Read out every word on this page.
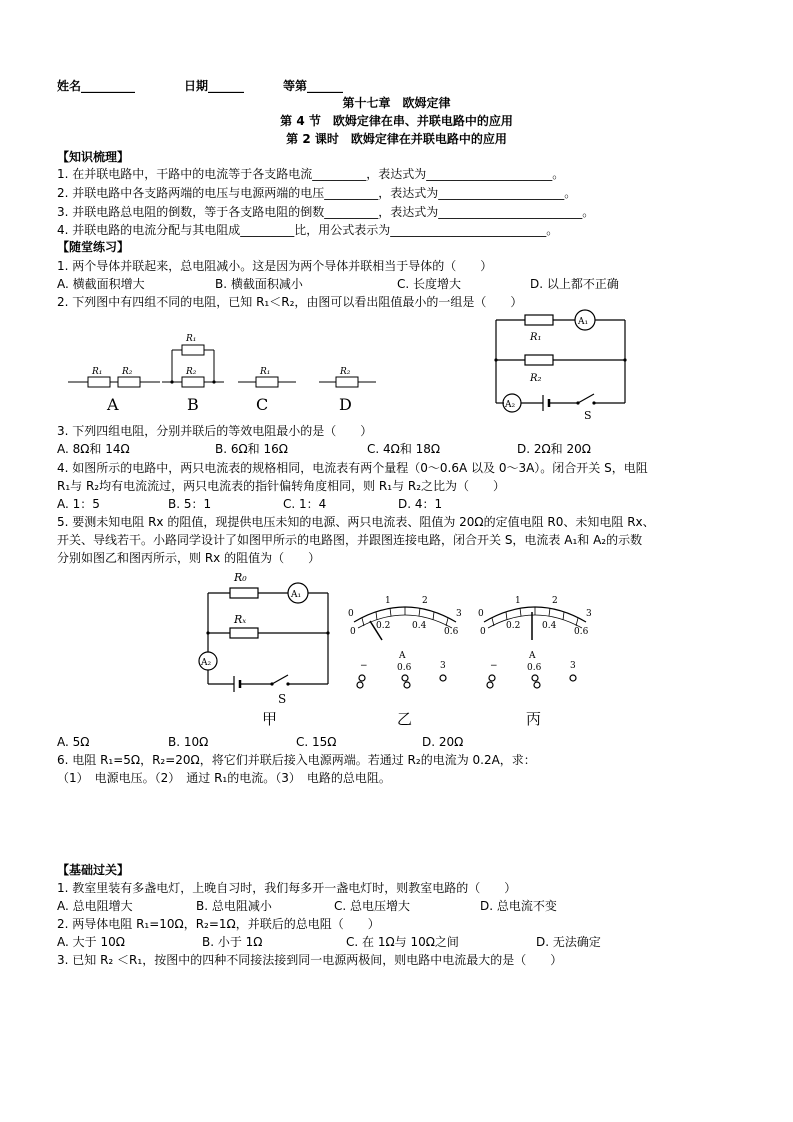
姓名_________	日期______	等第______
第十七章　欧姆定律
第 4 节　欧姆定律在串、并联电路中的应用
第 2 课时　欧姆定律在并联电路中的应用
【知识梳理】
1. 在并联电路中，干路中的电流等于各支路电流_________，表达式为_____________________。
2. 并联电路中各支路两端的电压与电源两端的电压_________，表达式为_____________________。
3. 并联电路总电阻的倒数，等于各支路电阻的倒数_________，表达式为________________________。
4. 并联电路的电流分配与其电阻成_________比，用公式表示为__________________________。
【随堂练习】
1. 两个导体并联起来，总电阻减小。这是因为两个导体并联相当于导体的（　　）
A. 横截面积增大	B. 横截面积减小	C. 长度增大	D. 以上都不正确
2. 下列图中有四组不同的电阻，已知 R₁＜R₂，由图可以看出阻值最小的一组是（　　）
R₁ R₂
R₁
R₂	R₁	R₂
A	B	C	D
R₁
R₂
A₁
A₂
S
3. 下列四组电阻，分别并联后的等效电阻最小的是（　　）
A. 8Ω和 14Ω	B. 6Ω和 16Ω	C. 4Ω和 18Ω	D. 2Ω和 20Ω
4. 如图所示的电路中，两只电流表的规格相同，电流表有两个量程（0～0.6A 以及 0～3A）。闭合开关 S，电阻
R₁与 R₂均有电流流过，两只电流表的指针偏转角度相同，则 R₁与 R₂之比为（　　）
A. 1：5	B. 5：1	C. 1：4	D. 4：1
5. 要测未知电阻 Rx 的阻值，现提供电压未知的电源、两只电流表、阻值为 20Ω的定值电阻 R0、未知电阻 Rx、
开关、导线若干。小路同学设计了如图甲所示的电路图，并跟图连接电路，闭合开关 S，电流表 A₁和 A₂的示数
分别如图乙和图丙所示，则 Rx 的阻值为（　　）
R₀
Rₓ
A₁
A₂
S
0
1	2
3
0
0.2 0.4
0.6
A
−	0.6	3
乙
0
1	2
3
0
0.2 0.4
0.6
A
−	0.6	3
甲	丙
A. 5Ω	B. 10Ω	C. 15Ω	D. 20Ω
6. 电阻 R₁=5Ω，R₂=20Ω，将它们并联后接入电源两端。若通过 R₂的电流为 0.2A，求：
（1）　电源电压。（2）　通过 R₁的电流。（3）　电路的总电阻。
【基础过关】
1. 教室里装有多盏电灯，上晚自习时，我们每多开一盏电灯时，则教室电路的（　　）
A. 总电阻增大	B. 总电阻减小	C. 总电压增大	D. 总电流不变
2. 两导体电阻 R₁=10Ω，R₂=1Ω，并联后的总电阻（　　）
A. 大于 10Ω	B. 小于 1Ω	C. 在 1Ω与 10Ω之间	D. 无法确定
3. 已知 R₂ ＜R₁，按图中的四种不同接法接到同一电源两极间，则电路中电流最大的是（　　）
